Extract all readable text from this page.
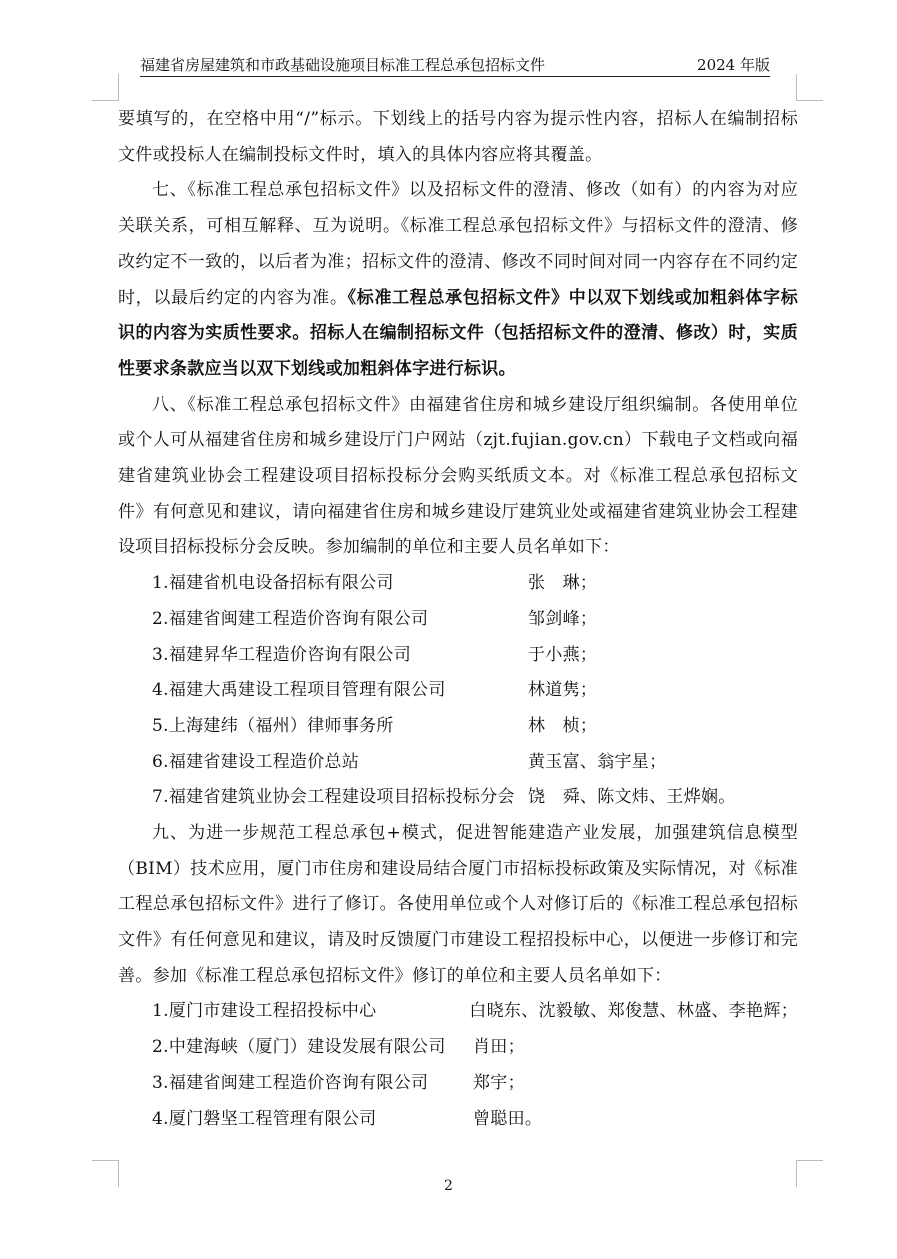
福建省房屋建筑和市政基础设施项目标准工程总承包招标文件	2024 年版

要填写的，在空格中用“/”标示。下划线上的括号内容为提示性内容，招标人在编制招标文件或投标人在编制投标文件时，填入的具体内容应将其覆盖。

七、《标准工程总承包招标文件》以及招标文件的澄清、修改（如有）的内容为对应关联关系，可相互解释、互为说明。《标准工程总承包招标文件》与招标文件的澄清、修改约定不一致的，以后者为准；招标文件的澄清、修改不同时间对同一内容存在不同约定时，以最后约定的内容为准。《标准工程总承包招标文件》中以双下划线或加粗斜体字标识的内容为实质性要求。招标人在编制招标文件（包括招标文件的澄清、修改）时，实质性要求条款应当以双下划线或加粗斜体字进行标识。

八、《标准工程总承包招标文件》由福建省住房和城乡建设厅组织编制。各使用单位或个人可从福建省住房和城乡建设厅门户网站（zjt.fujian.gov.cn）下载电子文档或向福建省建筑业协会工程建设项目招标投标分会购买纸质文本。对《标准工程总承包招标文件》有何意见和建议，请向福建省住房和城乡建设厅建筑业处或福建省建筑业协会工程建设项目招标投标分会反映。参加编制的单位和主要人员名单如下：

1.福建省机电设备招标有限公司	张　琳；
2.福建省闽建工程造价咨询有限公司	邹剑峰；
3.福建昇华工程造价咨询有限公司	于小燕；
4.福建大禹建设工程项目管理有限公司	林道隽；
5.上海建纬（福州）律师事务所	林　桢；
6.福建省建设工程造价总站	黄玉富、翁宇星；
7.福建省建筑业协会工程建设项目招标投标分会 饶　舜、陈文炜、王烨娴。

九、为进一步规范工程总承包+模式，促进智能建造产业发展，加强建筑信息模型（BIM）技术应用，厦门市住房和建设局结合厦门市招标投标政策及实际情况，对《标准工程总承包招标文件》进行了修订。各使用单位或个人对修订后的《标准工程总承包招标文件》有任何意见和建议，请及时反馈厦门市建设工程招投标中心，以便进一步修订和完善。参加《标准工程总承包招标文件》修订的单位和主要人员名单如下：

1.厦门市建设工程招投标中心	白晓东、沈毅敏、郑俊慧、林盛、李艳辉；
2.中建海峡（厦门）建设发展有限公司	肖田；
3.福建省闽建工程造价咨询有限公司	郑宇；
4.厦门磐坚工程管理有限公司	曾聪田。
2
